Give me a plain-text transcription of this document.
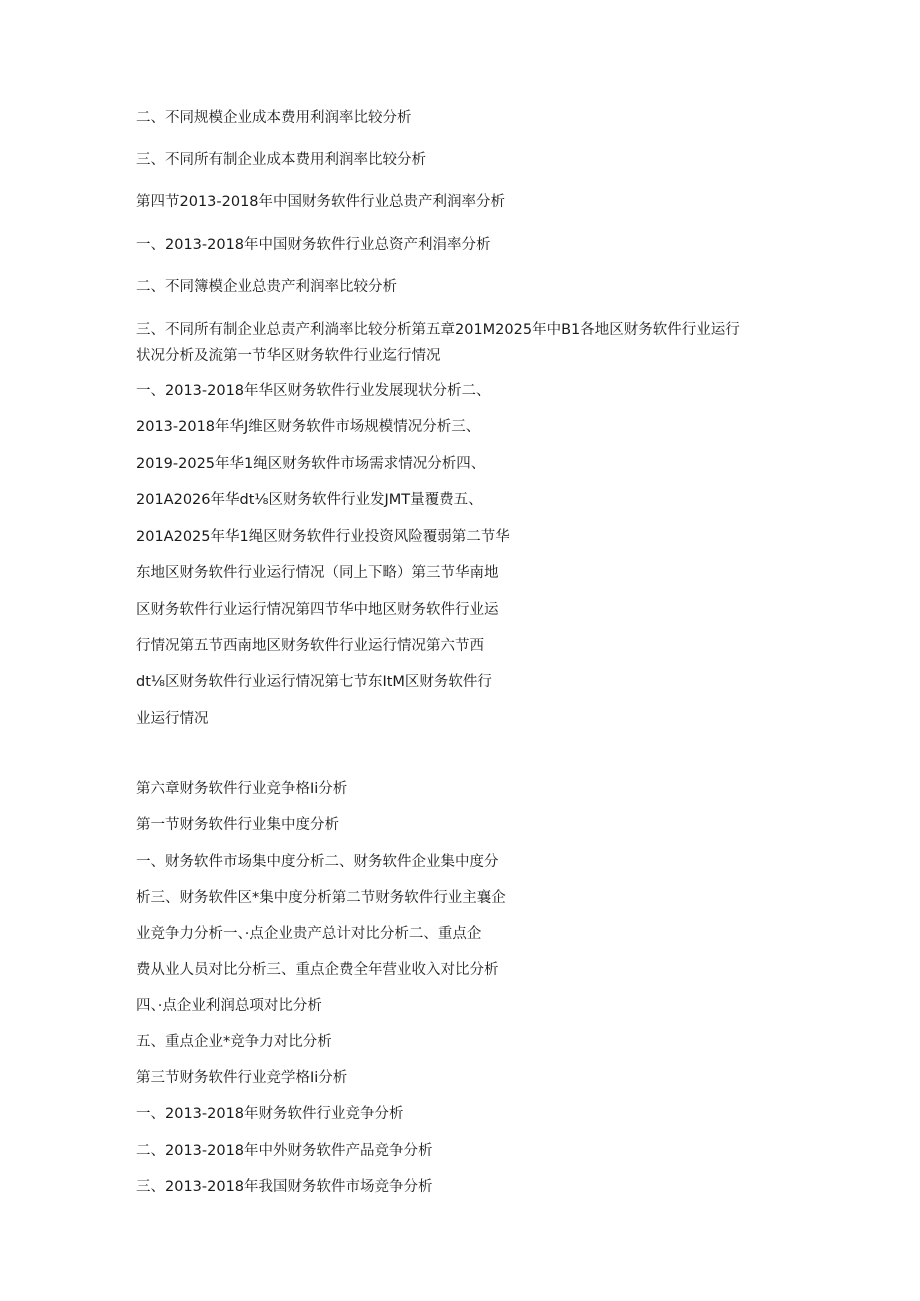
二、不同规模企业成本费用利润率比较分析
三、不同所有制企业成本费用利润率比较分析
第四节2013-2018年中国财务软件行业总贵产利润率分析
一、2013-2018年中国财务软件行业总资产利涓率分析
二、不同簿模企业总贵产利润率比较分析
三、不同所有制企业总责产利淌率比较分析第五章201M2025年中B1各地区财务软件行业运行
状况分析及流第一节华区财务软件行业迄行情况
一、2013-2018年华区财务软件行业发展现状分析二、
2013-2018年华J维区财务软件市场规模情况分析三、
2019-2025年华1绳区财务软件市场需求情况分析四、
201A2026年华dt⅛区财务软件行业发JMT量覆费五、
201A2025年华1绳区财务软件行业投资风险覆弱第二节华
东地区财务软件行业运行情况（同上下略）第三节华南地
区财务软件行业运行情况第四节华中地区财务软件行业运
行情况第五节西南地区财务软件行业运行情况第六节西
dt⅛区财务软件行业运行情况第七节东ItM区财务软件行
业运行情况
第六章财务软件行业竞争格Ii分析
第一节财务软件行业集中度分析
一、财务软件市场集中度分析二、财务软件企业集中度分
析三、财务软件区*集中度分析第二节财务软件行业主襄企
业竞争力分析一、·点企业贵产总计对比分析二、重点企
费从业人员对比分析三、重点企费全年营业收入对比分析
四、·点企业利润总项对比分析
五、重点企业*竞争力对比分析
第三节财务软件行业竞学格Ii分析
一、2013-2018年财务软件行业竞争分析
二、2013-2018年中外财务软件产品竞争分析
三、2013-2018年我国财务软件市场竞争分析
